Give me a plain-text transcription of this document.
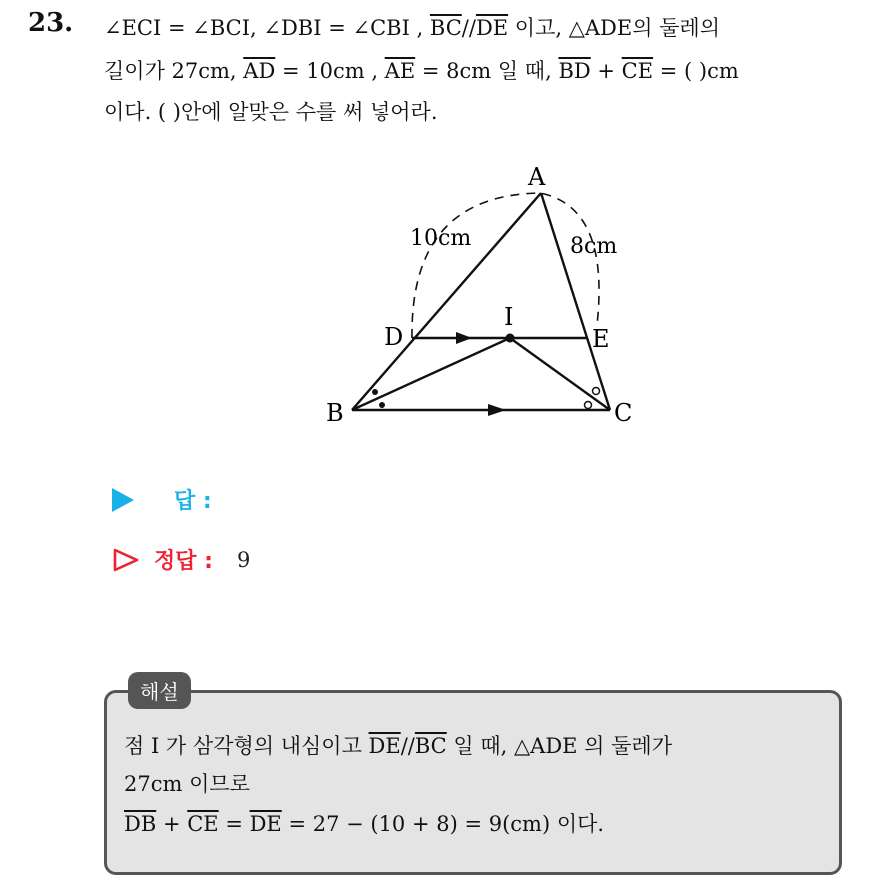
23. ∠ECI = ∠BCI, ∠DBI = ∠CBI , $\overline{BC}//\overline{DE}$ 이고, △ADE의 둘레의
길이가 27cm, $\overline{AD} = 10cm$ , $\overline{AE} = 8cm$ 일 때, $\overline{BD} + \overline{CE}$ = ( )cm
이다. ( )안에 알맞은 수를 써 넣어라.
A
B	C
D	E
I
10cm	8cm
답 :
정답 : 9
해설
점 I 가 삼각형의 내심이고 $\overline{DE}//\overline{BC}$ 일 때, △ADE 의 둘레가
27cm 이므로
$\overline{DB} + \overline{CE} = \overline{DE} = 27 - (10 + 8) = 9(cm)$ 이다.
